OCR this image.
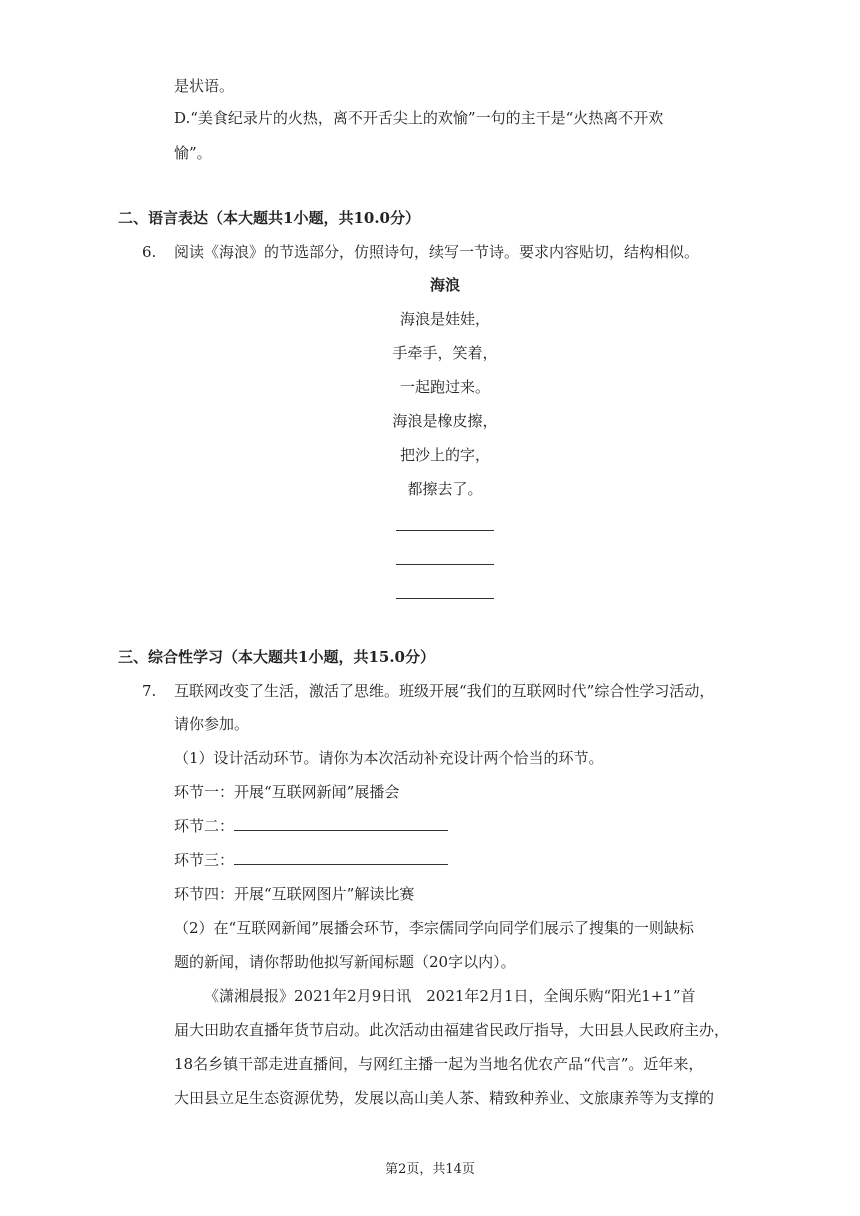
是状语。
D.“美食纪录片的火热，离不开舌尖上的欢愉”一句的主干是“火热离不开欢
愉”。
二、语言表达（本大题共1小题，共10.0分）
6. 阅读《海浪》的节选部分，仿照诗句，续写一节诗。要求内容贴切，结构相似。
海浪
海浪是娃娃，
手牵手，笑着，
一起跑过来。
海浪是橡皮擦，
把沙上的字，
都擦去了。
三、综合性学习（本大题共1小题，共15.0分）
7. 互联网改变了生活，激活了思维。班级开展“我们的互联网时代”综合性学习活动，
请你参加。
（1）设计活动环节。请你为本次活动补充设计两个恰当的环节。
环节一：开展“互联网新闻”展播会
环节二：
环节三：
环节四：开展“互联网图片”解读比赛
（2）在“互联网新闻”展播会环节，李宗儒同学向同学们展示了搜集的一则缺标
题的新闻，请你帮助他拟写新闻标题（20字以内）。
《潇湘晨报》2021年2月9日讯　2021年2月1日，全闽乐购“阳光1+1”首
届大田助农直播年货节启动。此次活动由福建省民政厅指导，大田县人民政府主办，
18名乡镇干部走进直播间，与网红主播一起为当地名优农产品“代言”。近年来，
大田县立足生态资源优势，发展以高山美人茶、精致种养业、文旅康养等为支撑的
第2页，共14页
